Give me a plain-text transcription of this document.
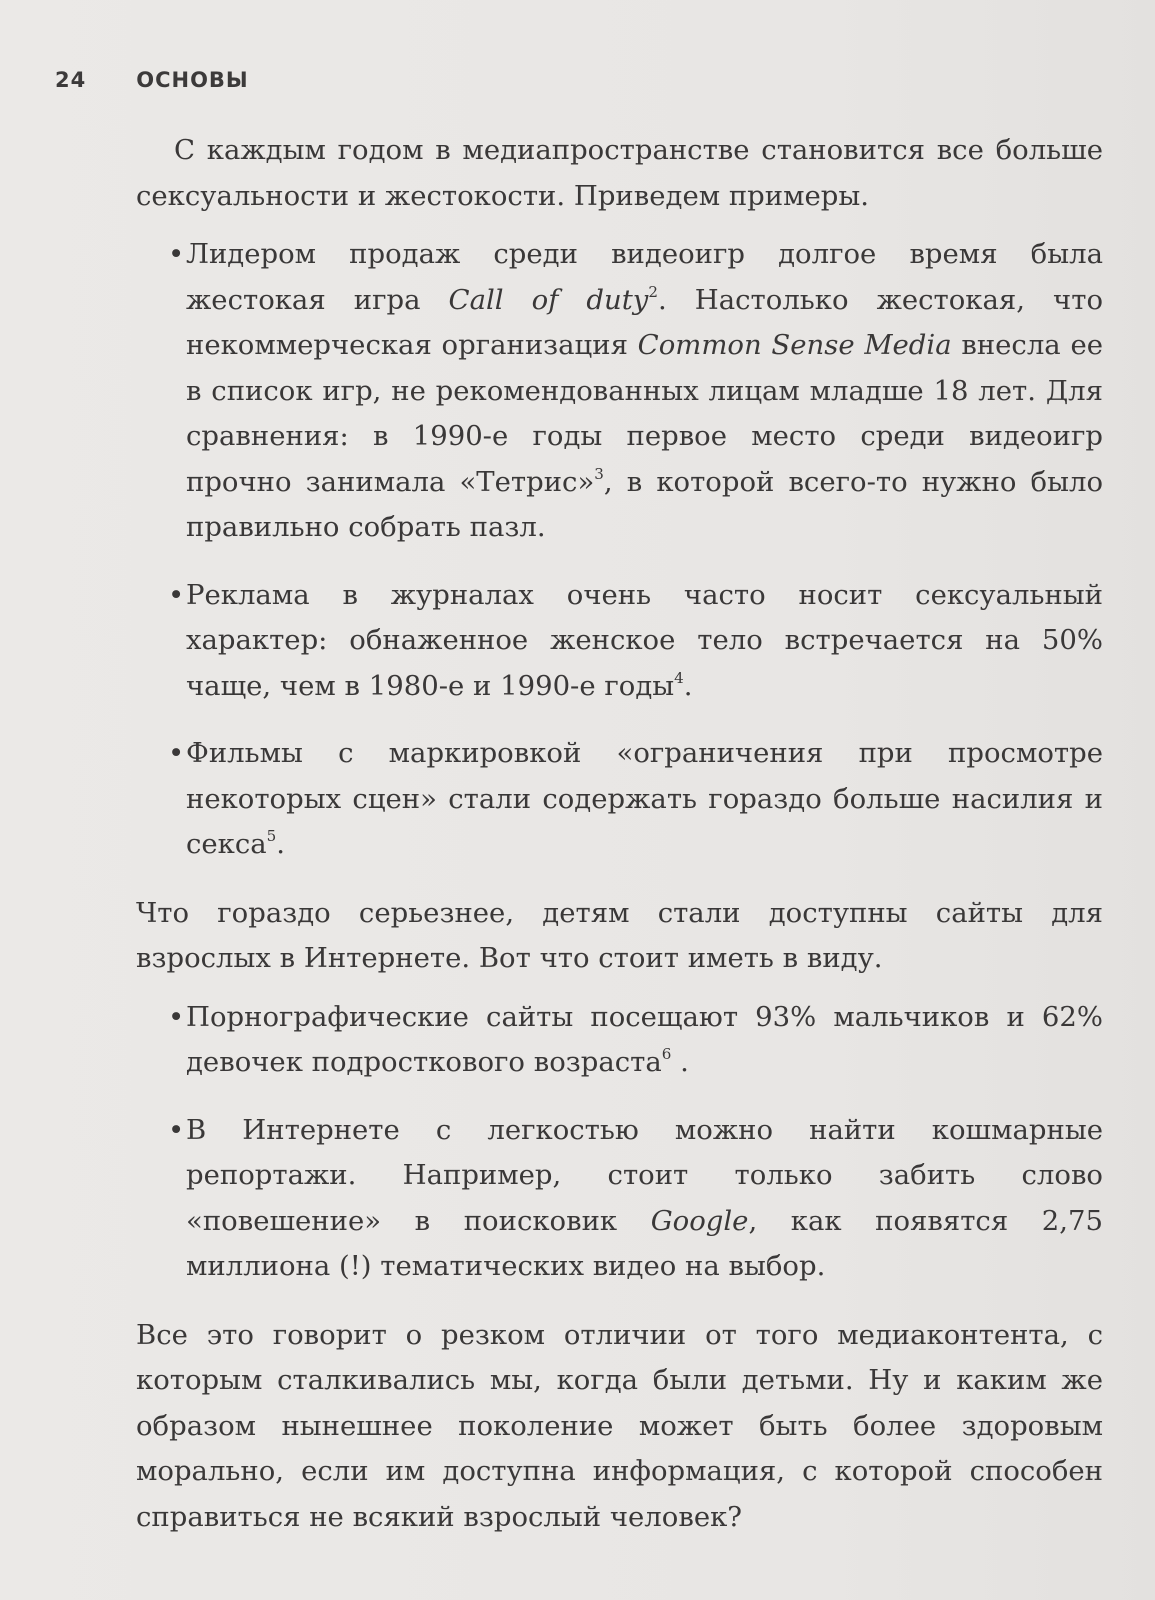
24 ОСНОВЫ

С каждым годом в медиапространстве становится все больше сексуальности и жестокости. Приведем примеры.

• Лидером продаж среди видеоигр долгое время была жестокая игра Call of duty$^2$. Настолько жестокая, что некоммерческая организация Common Sense Media внесла ее в список игр, не рекомендованных лицам младше 18 лет. Для сравнения: в 1990-е годы первое место среди видеоигр прочно занимала «Тетрис»$^3$, в которой всего-то нужно было правильно собрать пазл.
• Реклама в журналах очень часто носит сексуальный характер: обнаженное женское тело встречается на 50% чаще, чем в 1980-е и 1990-е годы$^4$.
• Фильмы с маркировкой «ограничения при просмотре некоторых сцен» стали содержать гораздо больше насилия и секса$^5$.

Что гораздо серьезнее, детям стали доступны сайты для взрослых в Интернете. Вот что стоит иметь в виду.

• Порнографические сайты посещают 93% мальчиков и 62% девочек подросткового возраста$^6$ .
• В Интернете с легкостью можно найти кошмарные репортажи. Например, стоит только забить слово «повешение» в поисковик Google, как появятся 2,75 миллиона (!) тематических видео на выбор.

Все это говорит о резком отличии от того медиаконтента, с которым сталкивались мы, когда были детьми. Ну и каким же образом нынешнее поколение может быть более здоровым морально, если им доступна информация, с которой способен справиться не всякий взрослый человек?
